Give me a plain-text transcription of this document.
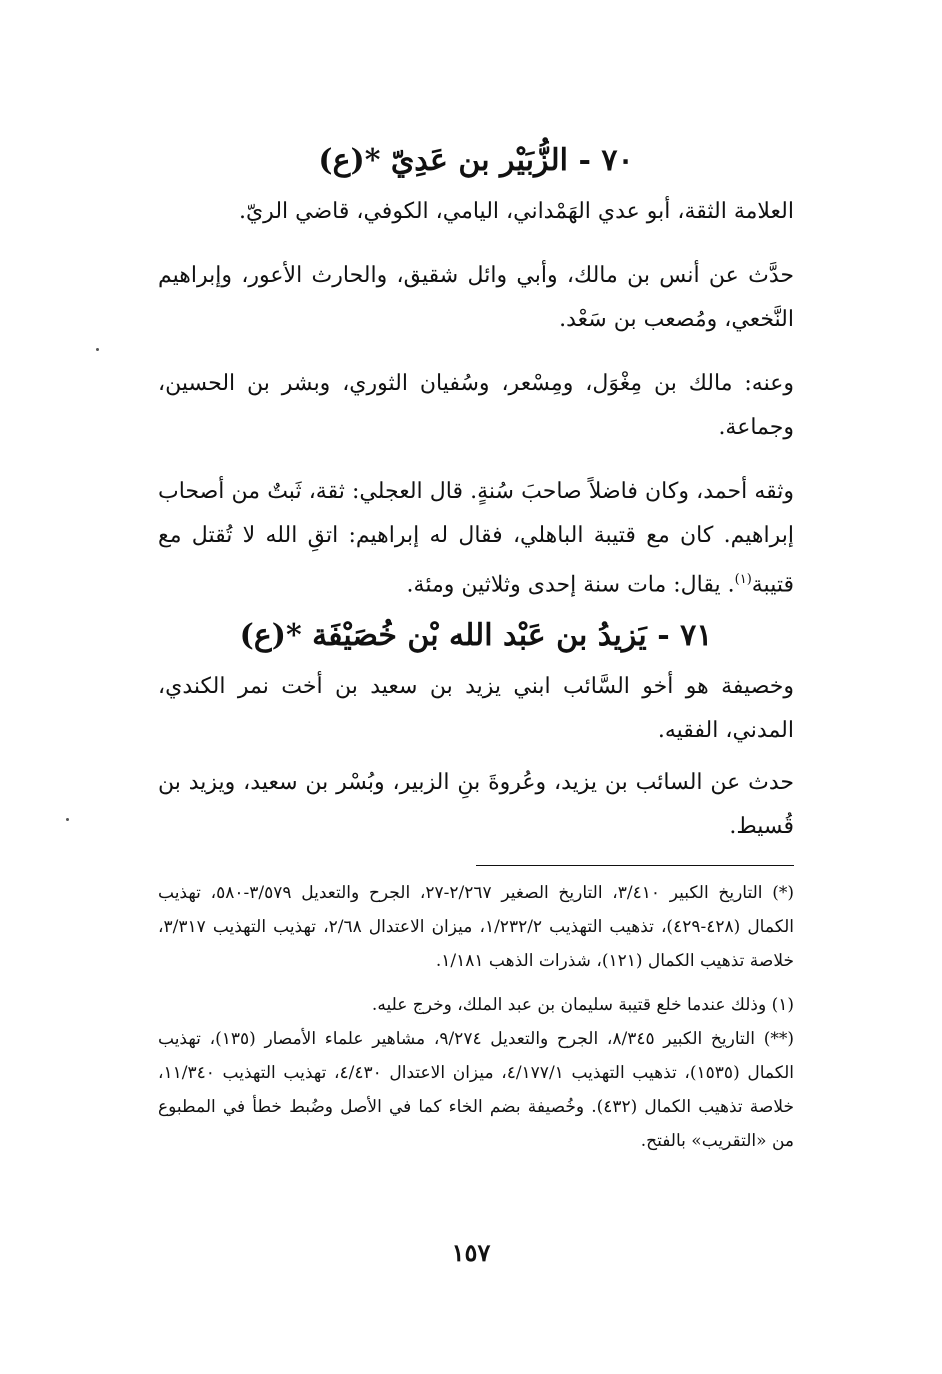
٧٠ - الزُّبَيْر بن عَدِيّ *(ع)

العلامة الثقة، أبو عدي الهَمْداني، اليامي، الكوفي، قاضي الريّ.

حدَّث عن أنس بن مالك، وأبي وائل شقيق، والحارث الأعور، وإبراهيم النَّخعي، ومُصعب بن سَعْد.

وعنه: مالك بن مِغْوَل، ومِسْعر، وسُفيان الثوري، وبشر بن الحسين، وجماعة.

وثقه أحمد، وكان فاضلاً صاحبَ سُنةٍ. قال العجلي: ثقة، ثَبتٌ من أصحاب إبراهيم. كان مع قتيبة الباهلي، فقال له إبراهيم: اتقِ الله لا تُقتل مع قتيبة$^{(١)}$. يقال: مات سنة إحدى وثلاثين ومئة.

٧١ - يَزيدُ بن عَبْد الله بْن خُصَيْفَة *(ع)

وخصيفة هو أخو السَّائب ابني يزيد بن سعيد بن أخت نمر الكندي، المدني، الفقيه.

حدث عن السائب بن يزيد، وعُروةَ بنِ الزبير، وبُسْر بن سعيد، ويزيد بن قُسيط.

(*) التاريخ الكبير ٣/٤١٠، التاريخ الصغير ٢/٢٦٧-٢٧، الجرح والتعديل ٣/٥٧٩-٥٨٠، تهذيب الكمال (٤٢٨-٤٢٩)، تذهيب التهذيب ١/٢٣٢/٢، ميزان الاعتدال ٢/٦٨، تهذيب التهذيب ٣/٣١٧، خلاصة تذهيب الكمال (١٢١)، شذرات الذهب ١/١٨١.

(١) وذلك عندما خلع قتيبة سليمان بن عبد الملك، وخرج عليه.

(**) التاريخ الكبير ٨/٣٤٥، الجرح والتعديل ٩/٢٧٤، مشاهير علماء الأمصار (١٣٥)، تهذيب الكمال (١٥٣٥)، تذهيب التهذيب ٤/١٧٧/١، ميزان الاعتدال ٤/٤٣٠، تهذيب التهذيب ١١/٣٤٠، خلاصة تذهيب الكمال (٤٣٢). وخُصيفة بضم الخاء كما في الأصل وضُبط خطأ في المطبوع من «التقريب» بالفتح.

١٥٧
